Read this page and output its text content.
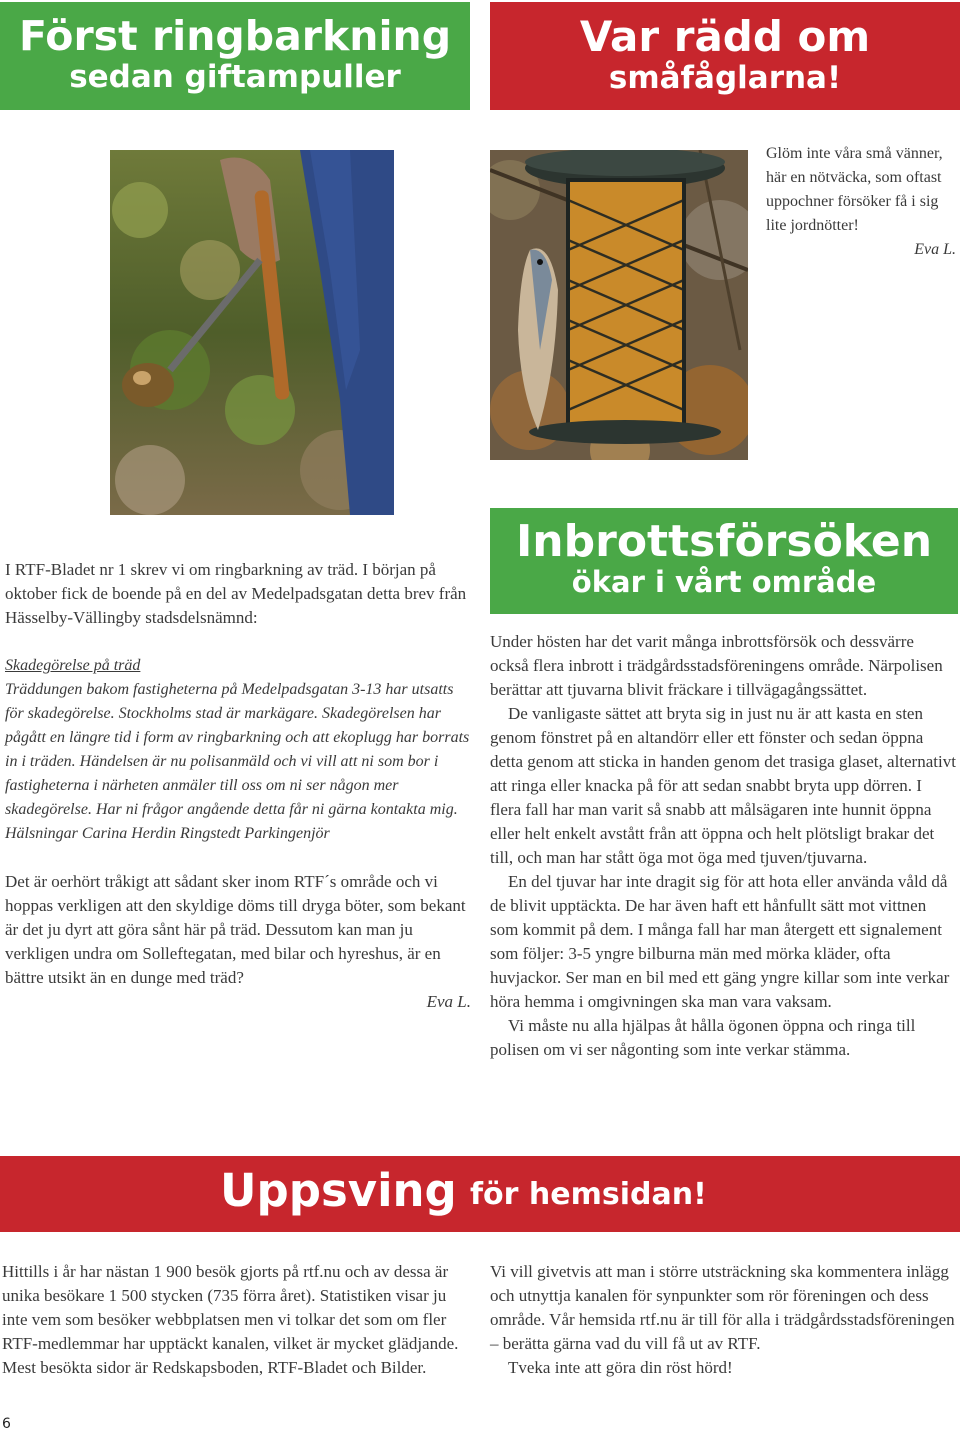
Först ringbarkning
sedan giftampuller
Var rädd om
småfåglarna!

Glöm inte våra små vänner, här en nötväcka, som oftast uppochner försöker få i sig lite jordnötter!

Eva L.

Inbrottsförsöken
ökar i vårt område

I RTF-Bladet nr 1 skrev vi om ringbarkning av träd. I början på oktober fick de boende på en del av Medelpadsgatan detta brev från Hässelby-Vällingby stadsdelsnämnd:

Skadegörelse på träd

Träddungen bakom fastigheterna på Medelpadsgatan 3-13 har utsatts för skadegörelse. Stockholms stad är markägare. Skadegörelsen har pågått en längre tid i form av ringbarkning och att ekoplugg har borrats in i träden. Händelsen är nu polisanmäld och vi vill att ni som bor i fastigheterna i närheten anmäler till oss om ni ser någon mer skadegörelse. Har ni frågor angående detta får ni gärna kontakta mig.

Hälsningar Carina Herdin Ringstedt Parkingenjör

Det är oerhört tråkigt att sådant sker inom RTF´s område och vi hoppas verkligen att den skyldige döms till dryga böter, som bekant är det ju dyrt att göra sånt här på träd. Dessutom kan man ju verkligen undra om Solleftegatan, med bilar och hyreshus, är en bättre utsikt än en dunge med träd?

Eva L.

Under hösten har det varit många inbrottsförsök och dessvärre också flera inbrott i trädgårdsstadsföreningens område. Närpolisen berättar att tjuvarna blivit fräckare i tillvägagångssättet.

De vanligaste sättet att bryta sig in just nu är att kasta en sten genom fönstret på en altandörr eller ett fönster och sedan öppna detta genom att sticka in handen genom det trasiga glaset, alternativt att ringa eller knacka på för att sedan snabbt bryta upp dörren. I flera fall har man varit så snabb att målsägaren inte hunnit öppna eller helt enkelt avstått från att öppna och helt plötsligt brakar det till, och man har stått öga mot öga med tjuven/tjuvarna.

En del tjuvar har inte dragit sig för att hota eller använda våld då de blivit upptäckta. De har även haft ett hånfullt sätt mot vittnen som kommit på dem. I många fall har man återgett ett signalement som följer: 3-5 yngre bilburna män med mörka kläder, ofta huvjackor. Ser man en bil med ett gäng yngre killar som inte verkar höra hemma i omgivningen ska man vara vaksam.

Vi måste nu alla hjälpas åt hålla ögonen öppna och ringa till polisen om vi ser någonting som inte verkar stämma.

Uppsving för hemsidan!

Hittills i år har nästan 1 900 besök gjorts på rtf.nu och av dessa är unika besökare 1 500 stycken (735 förra året). Statistiken visar ju inte vem som besöker webbplatsen men vi tolkar det som om fler RTF-medlemmar har upptäckt kanalen, vilket är mycket glädjande. Mest besökta sidor är Redskapsboden, RTF-Bladet och Bilder.

Vi vill givetvis att man i större utsträckning ska kommentera inlägg och utnyttja kanalen för synpunkter som rör föreningen och dess område. Vår hemsida rtf.nu är till för alla i trädgårdsstadsföreningen – berätta gärna vad du vill få ut av RTF.

Tveka inte att göra din röst hörd!

6
